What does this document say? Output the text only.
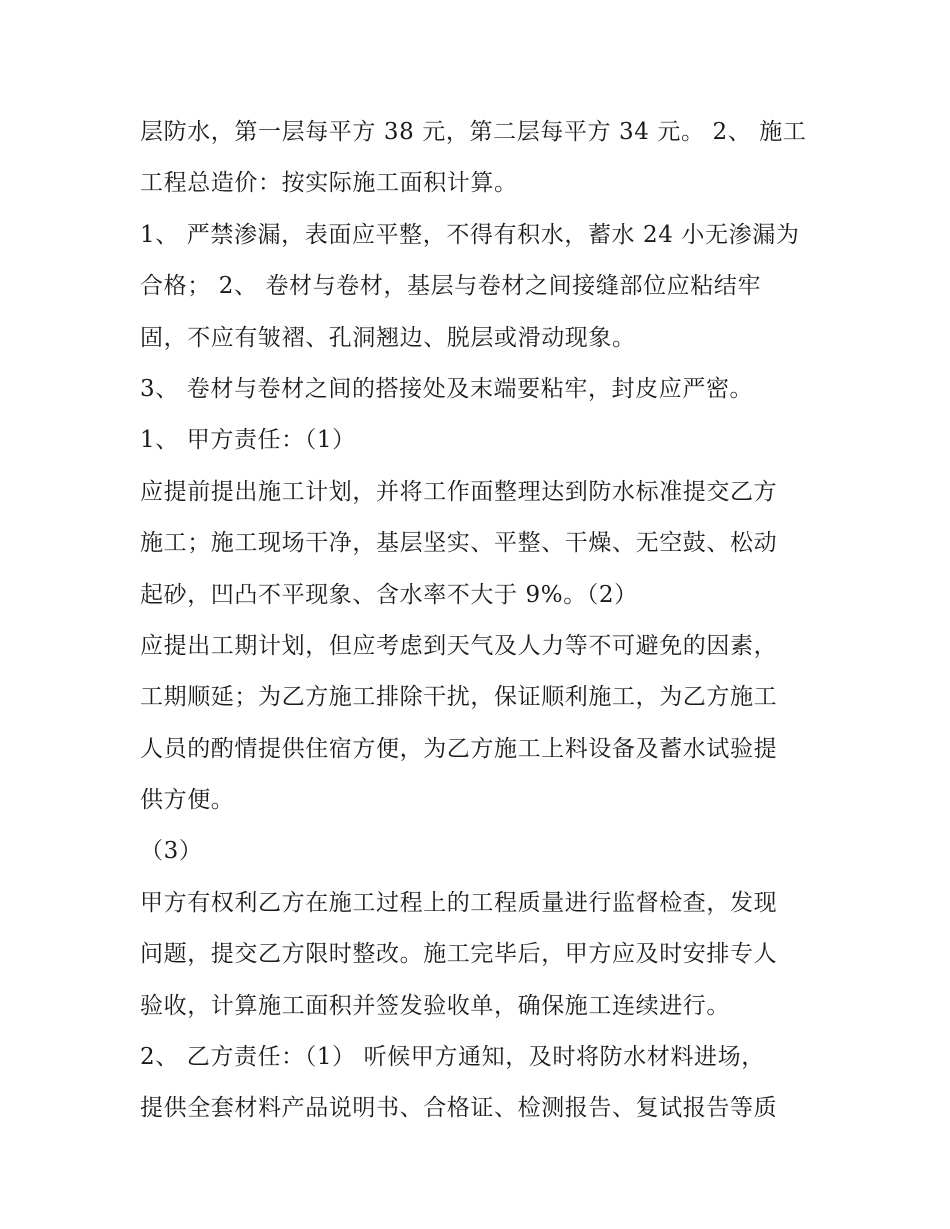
层防水，第一层每平方 38 元，第二层每平方 34 元。 2、 施工
工程总造价：按实际施工面积计算。
1、 严禁渗漏，表面应平整，不得有积水，蓄水 24 小无渗漏为
合格； 2、 卷材与卷材，基层与卷材之间接缝部位应粘结牢
固，不应有皱褶、孔洞翘边、脱层或滑动现象。
3、 卷材与卷材之间的搭接处及末端要粘牢，封皮应严密。
1、 甲方责任：（1）
应提前提出施工计划，并将工作面整理达到防水标准提交乙方
施工；施工现场干净，基层坚实、平整、干燥、无空鼓、松动
起砂，凹凸不平现象、含水率不大于 9%。（2）
应提出工期计划，但应考虑到天气及人力等不可避免的因素，
工期顺延；为乙方施工排除干扰，保证顺利施工，为乙方施工
人员的酌情提供住宿方便，为乙方施工上料设备及蓄水试验提
供方便。
（3）
甲方有权利乙方在施工过程上的工程质量进行监督检查，发现
问题，提交乙方限时整改。施工完毕后，甲方应及时安排专人
验收，计算施工面积并签发验收单，确保施工连续进行。
2、 乙方责任：（1） 听候甲方通知，及时将防水材料进场，
提供全套材料产品说明书、合格证、检测报告、复试报告等质
